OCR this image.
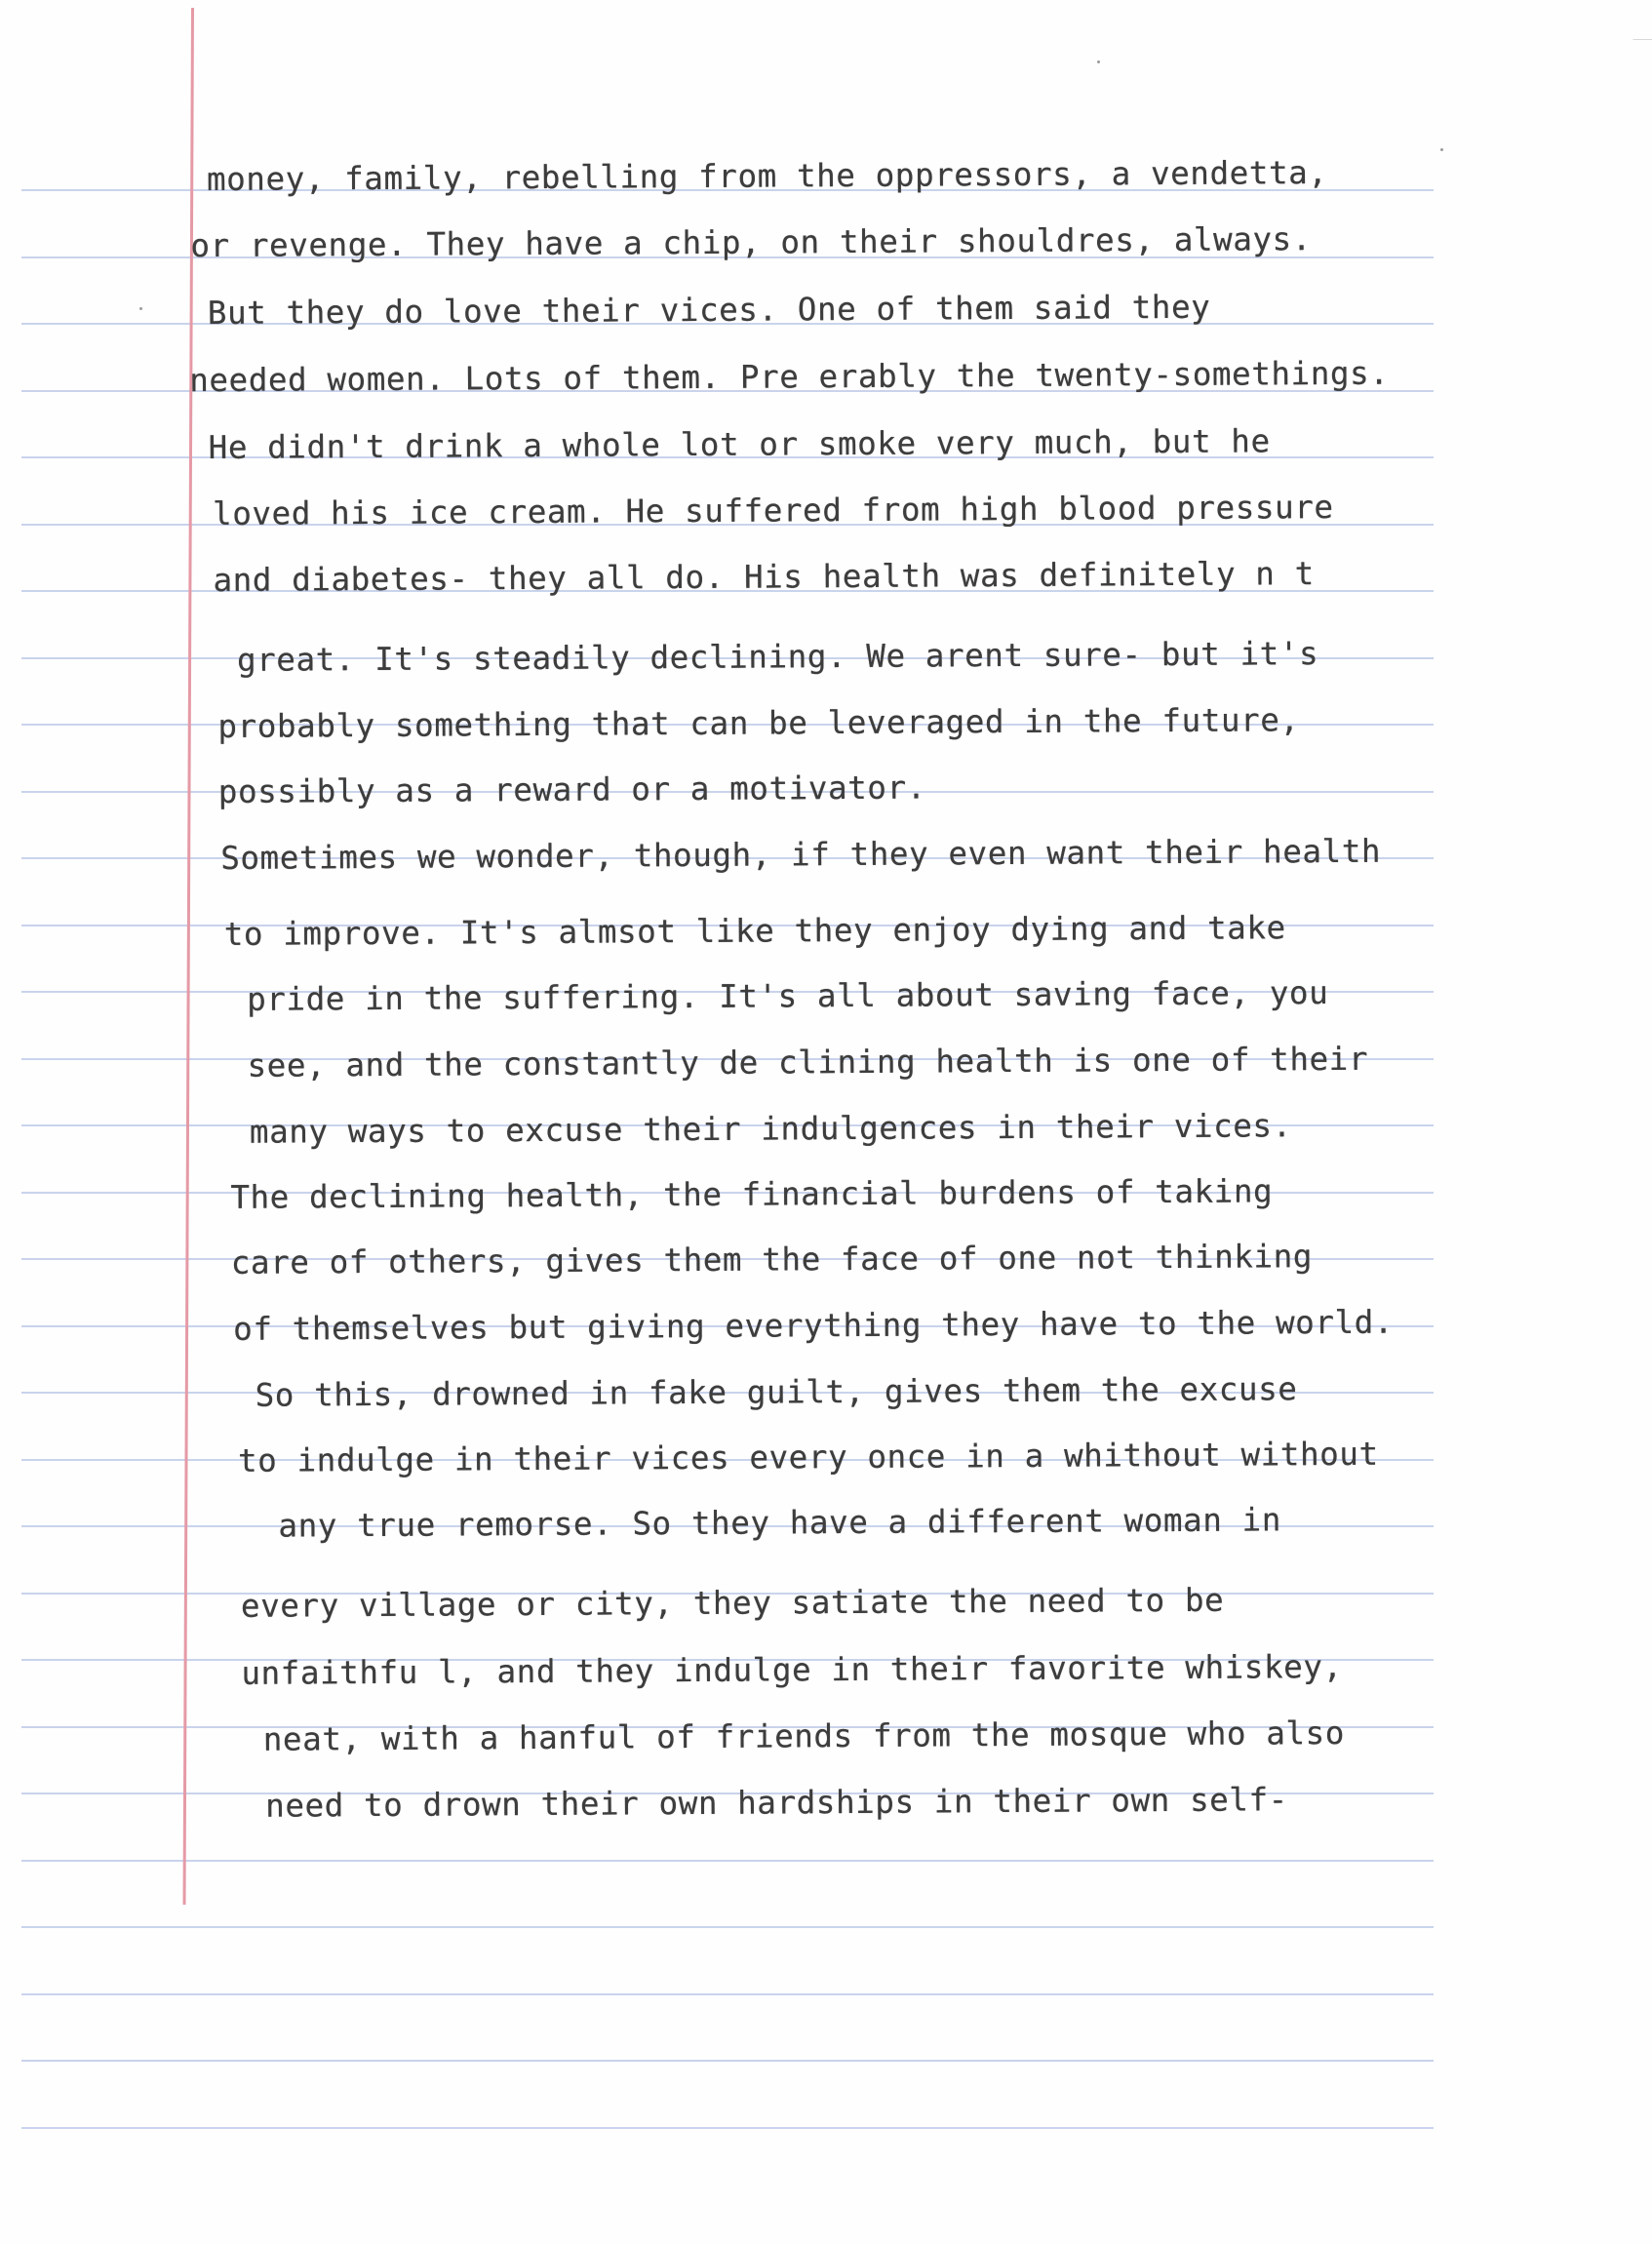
money, family, rebelling from the oppressors, a vendetta,
or revenge. They have a chip, on their shouldres, always.
But they do love their vices. One of them said they
needed women. Lots of them. Pre erably the twenty-somethings.
He didn't drink a whole lot or smoke very much, but he
loved his ice cream. He suffered from high blood pressure
and diabetes- they all do. His health was definitely n t
great. It's steadily declining. We arent sure- but it's
probably something that can be leveraged in the future,
possibly as a reward or a motivator.
Sometimes we wonder, though, if they even want their health
to improve. It's almsot like they enjoy dying and take
pride in the suffering. It's all about saving face, you
see, and the constantly de clining health is one of their
many ways to excuse their indulgences in their vices.
The declining health, the financial burdens of taking
care of others, gives them the face of one not thinking
of themselves but giving everything they have to the world.
So this, drowned in fake guilt, gives them the excuse
to indulge in their vices every once in a whithout without
any true remorse. So they have a different woman in
every village or city, they satiate the need to be
unfaithfu l, and they indulge in their favorite whiskey,
neat, with a hanful of friends from the mosque who also
need to drown their own hardships in their own self-
